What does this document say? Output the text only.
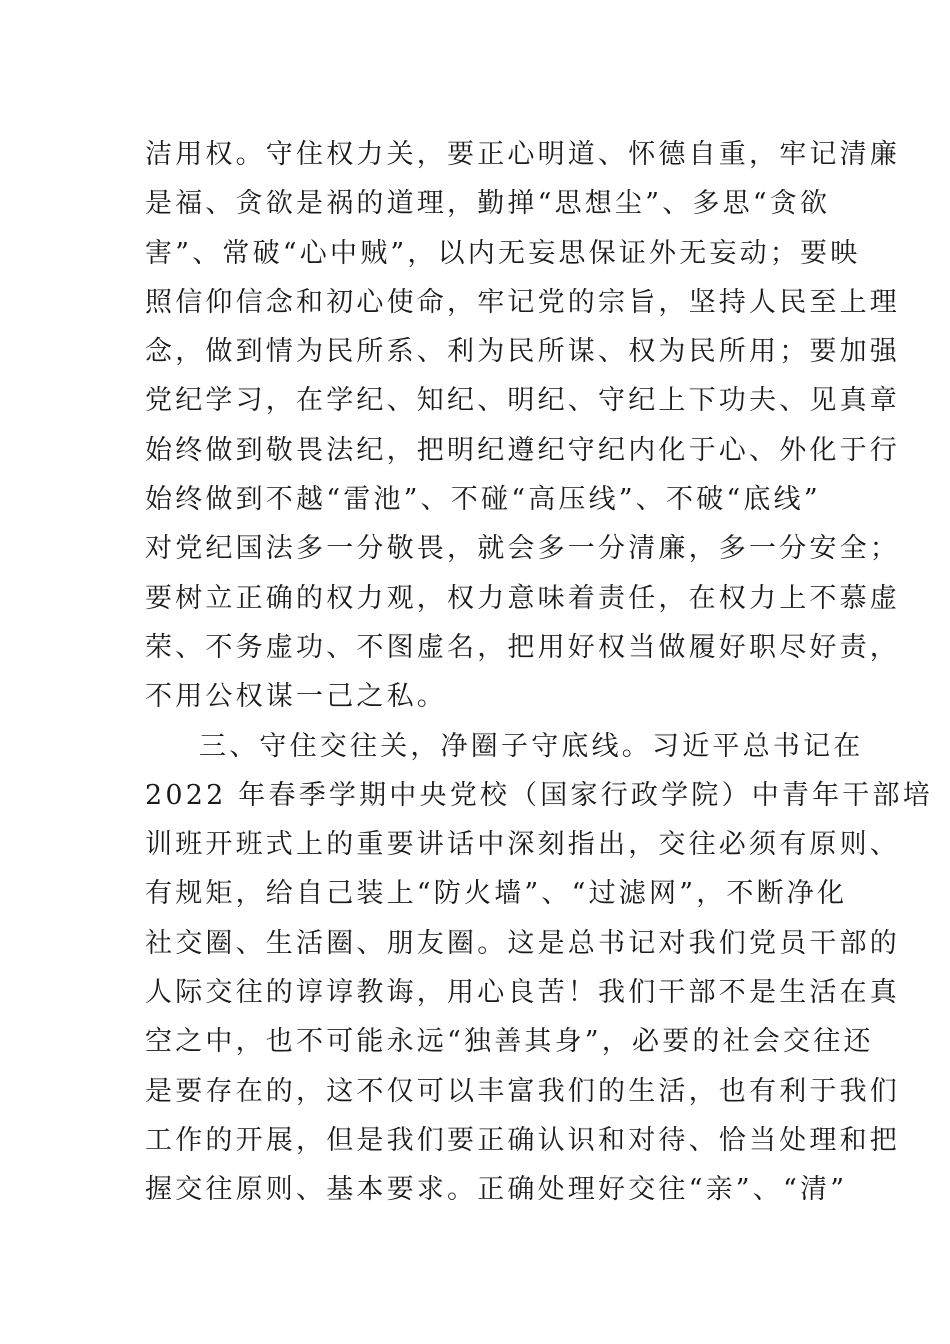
洁用权。守住权力关，要正心明道、怀德自重，牢记清廉
是福、贪欲是祸的道理，勤掸“思想尘”、多思“贪欲
害”、常破“心中贼”，以内无妄思保证外无妄动；要映
照信仰信念和初心使命，牢记党的宗旨，坚持人民至上理
念，做到情为民所系、利为民所谋、权为民所用；要加强
党纪学习，在学纪、知纪、明纪、守纪上下功夫、见真章
始终做到敬畏法纪，把明纪遵纪守纪内化于心、外化于行
始终做到不越“雷池”、不碰“高压线”、不破“底线”
对党纪国法多一分敬畏，就会多一分清廉，多一分安全；
要树立正确的权力观，权力意味着责任，在权力上不慕虚
荣、不务虚功、不图虚名，把用好权当做履好职尽好责，
不用公权谋一己之私。
三、守住交往关，净圈子守底线。习近平总书记在
2022 年春季学期中央党校（国家行政学院）中青年干部培
训班开班式上的重要讲话中深刻指出，交往必须有原则、
有规矩，给自己装上“防火墙”、“过滤网”，不断净化
社交圈、生活圈、朋友圈。这是总书记对我们党员干部的
人际交往的谆谆教诲，用心良苦！我们干部不是生活在真
空之中，也不可能永远“独善其身”，必要的社会交往还
是要存在的，这不仅可以丰富我们的生活，也有利于我们
工作的开展，但是我们要正确认识和对待、恰当处理和把
握交往原则、基本要求。正确处理好交往“亲”、“清”
